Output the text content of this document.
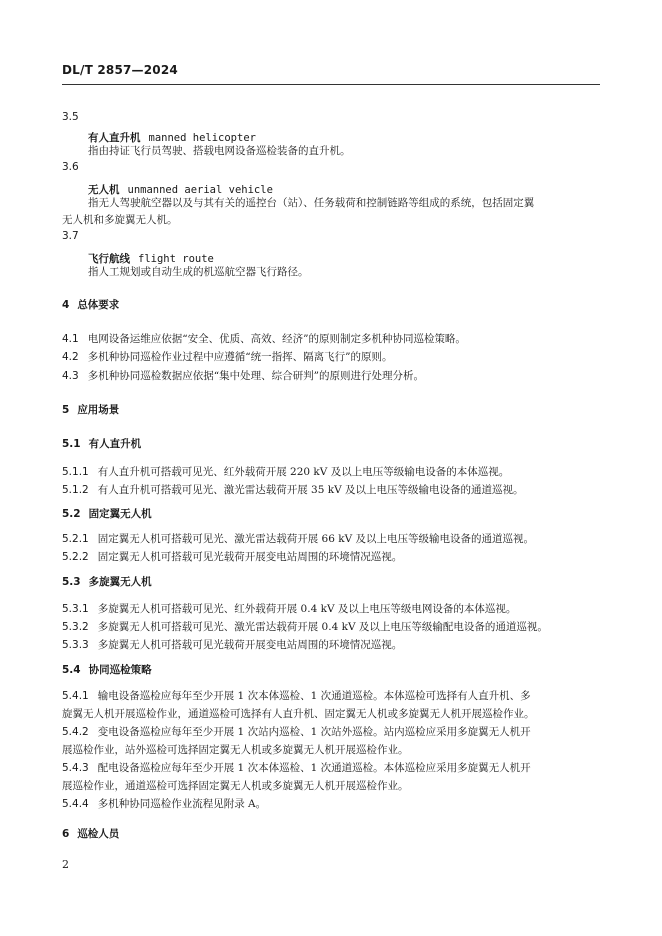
DL/T 2857—2024
3.5
有人直升机 manned helicopter
指由持证飞行员驾驶、搭载电网设备巡检装备的直升机。
3.6
无人机 unmanned aerial vehicle
指无人驾驶航空器以及与其有关的遥控台（站）、任务载荷和控制链路等组成的系统，包括固定翼
无人机和多旋翼无人机。
3.7
飞行航线 flight route
指人工规划或自动生成的机巡航空器飞行路径。
4 总体要求
4.1 电网设备运维应依据“安全、优质、高效、经济”的原则制定多机种协同巡检策略。
4.2 多机种协同巡检作业过程中应遵循“统一指挥、隔离飞行”的原则。
4.3 多机种协同巡检数据应依据“集中处理、综合研判”的原则进行处理分析。
5 应用场景
5.1 有人直升机
5.1.1 有人直升机可搭载可见光、红外载荷开展 220 kV 及以上电压等级输电设备的本体巡视。
5.1.2 有人直升机可搭载可见光、激光雷达载荷开展 35 kV 及以上电压等级输电设备的通道巡视。
5.2 固定翼无人机
5.2.1 固定翼无人机可搭载可见光、激光雷达载荷开展 66 kV 及以上电压等级输电设备的通道巡视。
5.2.2 固定翼无人机可搭载可见光载荷开展变电站周围的环境情况巡视。
5.3 多旋翼无人机
5.3.1 多旋翼无人机可搭载可见光、红外载荷开展 0.4 kV 及以上电压等级电网设备的本体巡视。
5.3.2 多旋翼无人机可搭载可见光、激光雷达载荷开展 0.4 kV 及以上电压等级输配电设备的通道巡视。
5.3.3 多旋翼无人机可搭载可见光载荷开展变电站周围的环境情况巡视。
5.4 协同巡检策略
5.4.1 输电设备巡检应每年至少开展 1 次本体巡检、1 次通道巡检。本体巡检可选择有人直升机、多
旋翼无人机开展巡检作业，通道巡检可选择有人直升机、固定翼无人机或多旋翼无人机开展巡检作业。
5.4.2 变电设备巡检应每年至少开展 1 次站内巡检、1 次站外巡检。站内巡检应采用多旋翼无人机开
展巡检作业，站外巡检可选择固定翼无人机或多旋翼无人机开展巡检作业。
5.4.3 配电设备巡检应每年至少开展 1 次本体巡检、1 次通道巡检。本体巡检应采用多旋翼无人机开
展巡检作业，通道巡检可选择固定翼无人机或多旋翼无人机开展巡检作业。
5.4.4 多机种协同巡检作业流程见附录 A。
6 巡检人员
2
